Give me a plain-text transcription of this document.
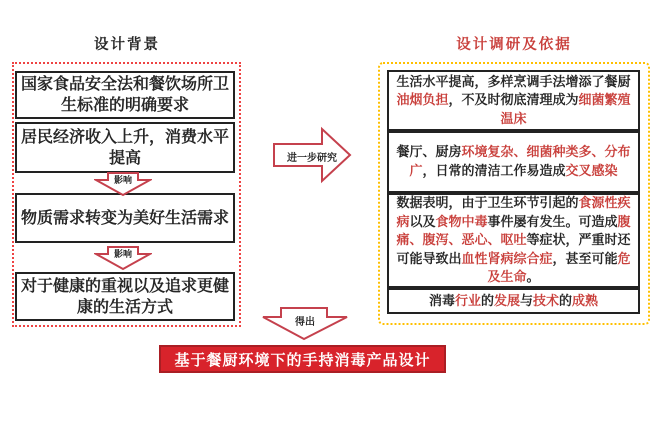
设计背景
国家食品安全法和餐饮场所卫生标准的明确要求
居民经济收入上升，消费水平提高
物质需求转变为美好生活需求
对于健康的重视以及追求更健康的生活方式
影响
影响
进一步研究
设计调研及依据
生活水平提高，多样烹调手法增添了餐厨油烟负担，不及时彻底清理成为细菌繁殖温床
餐厅、厨房环境复杂、细菌种类多、分布广，日常的清洁工作易造成交叉感染
数据表明，由于卫生环节引起的食源性疾病以及食物中毒事件屡有发生。可造成腹痛、腹泻、恶心、呕吐等症状，严重时还可能导致出血性肾病综合症，甚至可能危及生命。
消毒行业的发展与技术的成熟
得出
基于餐厨环境下的手持消毒产品设计
